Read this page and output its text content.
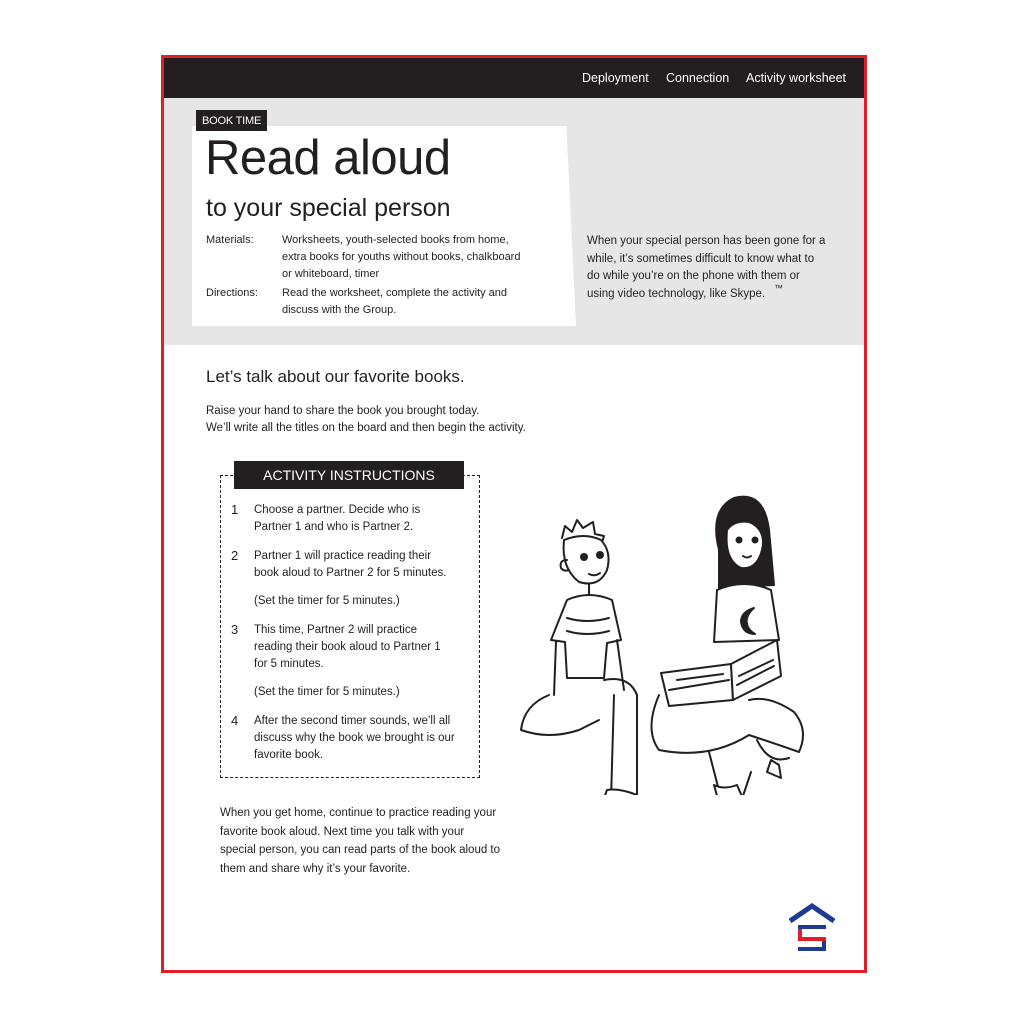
Deployment Connection Activity worksheet
When your special person has been gone for a while, it’s sometimes difficult to know what to do while you’re on the phone with them or using video technology, like Skype. ™
BOOK TIME
Read aloud
to your special person
Materials:	Worksheets, youth-selected books from home, extra books for youths without books, chalkboard or whiteboard, timer
Directions: Read the worksheet, complete the activity and discuss with the Group.
Let’s talk about our favorite books.
Raise your hand to share the book you brought today.
We’ll write all the titles on the board and then begin the activity.
ACTIVITY INSTRUCTIONS
1 Choose a partner. Decide who is Partner 1 and who is Partner 2.
2 Partner 1 will practice reading their book aloud to Partner 2 for 5 minutes.
(Set the timer for 5 minutes.)
3 This time, Partner 2 will practice reading their book aloud to Partner 1 for 5 minutes.
(Set the timer for 5 minutes.)
4 After the second timer sounds, we’ll all discuss why the book we brought is our favorite book.
When you get home, continue to practice reading your favorite book aloud. Next time you talk with your special person, you can read parts of the book aloud to them and share why it’s your favorite.
